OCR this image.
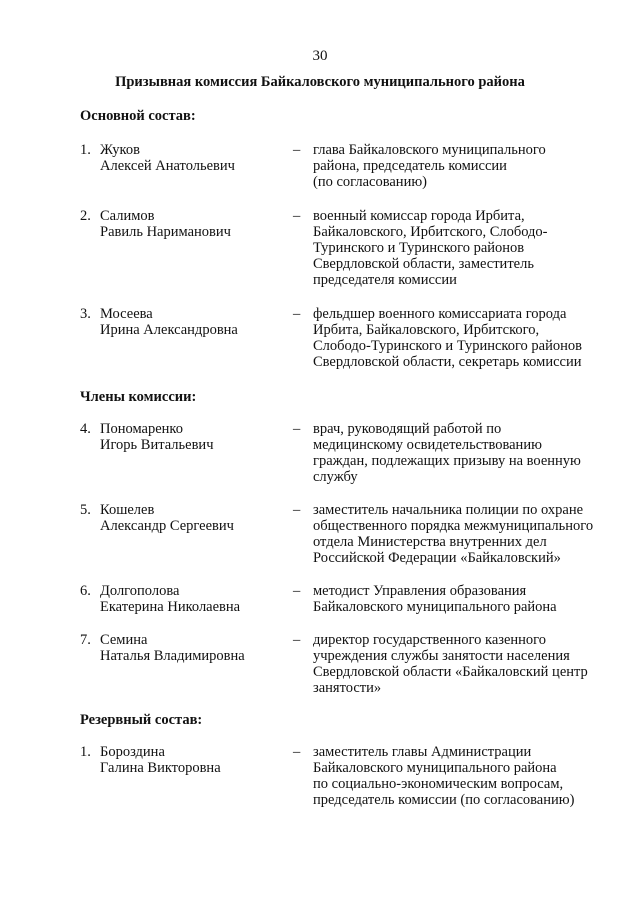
30
Призывная комиссия Байкаловского муниципального района
Основной состав:
1. Жуков
Алексей Анатольевич
– глава Байкаловского муниципального
района, председатель комиссии
(по согласованию)
2. Салимов
Равиль Нариманович
– военный комиссар города Ирбита,
Байкаловского, Ирбитского, Слободо-
Туринского и Туринского районов
Свердловской области, заместитель
председателя комиссии
3. Мосеева
Ирина Александровна
– фельдшер военного комиссариата города
Ирбита, Байкаловского, Ирбитского,
Слободо-Туринского и Туринского районов
Свердловской области, секретарь комиссии
Члены комиссии:
4. Пономаренко
Игорь Витальевич
– врач, руководящий работой по
медицинскому освидетельствованию
граждан, подлежащих призыву на военную
службу
5. Кошелев
Александр Сергеевич
– заместитель начальника полиции по охране
общественного порядка межмуниципального
отдела Министерства внутренних дел
Российской Федерации «Байкаловский»
6. Долгополова
Екатерина Николаевна
– методист Управления образования
Байкаловского муниципального района
7. Семина
Наталья Владимировна
– директор государственного казенного
учреждения службы занятости населения
Свердловской области «Байкаловский центр
занятости»
Резервный состав:
1. Бороздина
Галина Викторовна
– заместитель главы Администрации
Байкаловского муниципального района
по социально-экономическим вопросам,
председатель комиссии (по согласованию)
